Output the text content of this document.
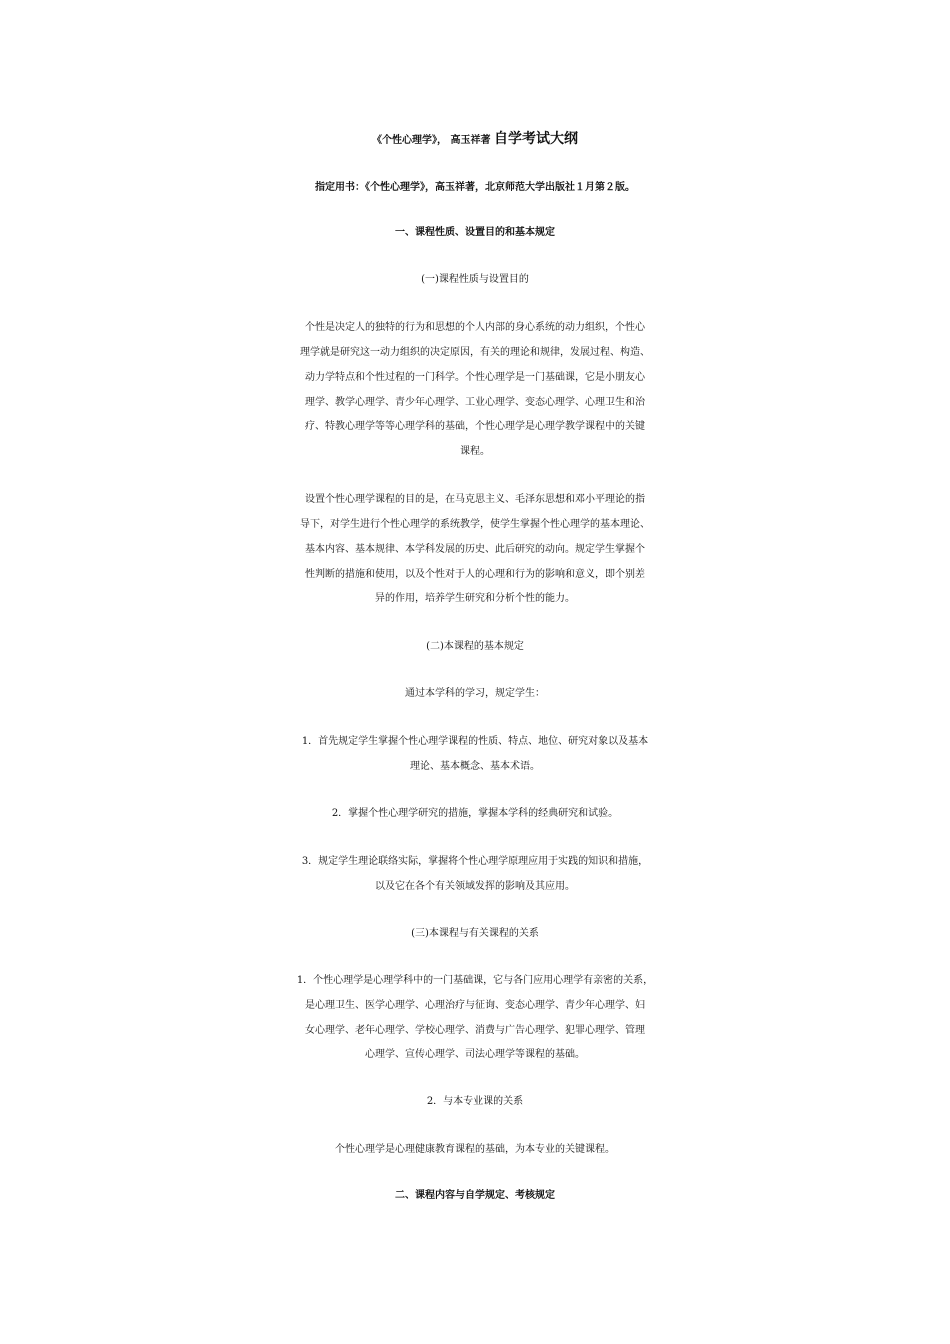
《个性心理学》， 高玉祥著 自学考试大纲
指定用书：《个性心理学》，高玉祥著，北京师范大学出版社１月第２版。
一、课程性质、设置目的和基本规定
(一)课程性质与设置目的
个性是决定人的独特的行为和思想的个人内部的身心系统的动力组织，个性心
理学就是研究这一动力组织的决定原因，有关的理论和规律，发展过程、构造、
动力学特点和个性过程的一门科学。个性心理学是一门基础课，它是小朋友心
理学、教学心理学、青少年心理学、工业心理学、变态心理学、心理卫生和治
疗、特教心理学等等心理学科的基础，个性心理学是心理学教学课程中的关键
课程。
设置个性心理学课程的目的是，在马克思主义、毛泽东思想和邓小平理论的指
导下，对学生进行个性心理学的系统教学，使学生掌握个性心理学的基本理论、
基本内容、基本规律、本学科发展的历史、此后研究的动向。规定学生掌握个
性判断的措施和使用，以及个性对于人的心理和行为的影响和意义，即个别差
异的作用，培养学生研究和分析个性的能力。
(二)本课程的基本规定
通过本学科的学习，规定学生：
1．首先规定学生掌握个性心理学课程的性质、特点、地位、研究对象以及基本
理论、基本概念、基本术语。
2．掌握个性心理学研究的措施，掌握本学科的经典研究和试验。
3．规定学生理论联络实际，掌握将个性心理学原理应用于实践的知识和措施，
以及它在各个有关领域发挥的影响及其应用。
(三)本课程与有关课程的关系
1．个性心理学是心理学科中的一门基础课，它与各门应用心理学有亲密的关系，
是心理卫生、医学心理学、心理治疗与征询、变态心理学、青少年心理学、妇
女心理学、老年心理学、学校心理学、消费与广告心理学、犯罪心理学、管理
心理学、宣传心理学、司法心理学等课程的基础。
2．与本专业课的关系
个性心理学是心理健康教育课程的基础，为本专业的关键课程。
二、课程内容与自学规定、考核规定
